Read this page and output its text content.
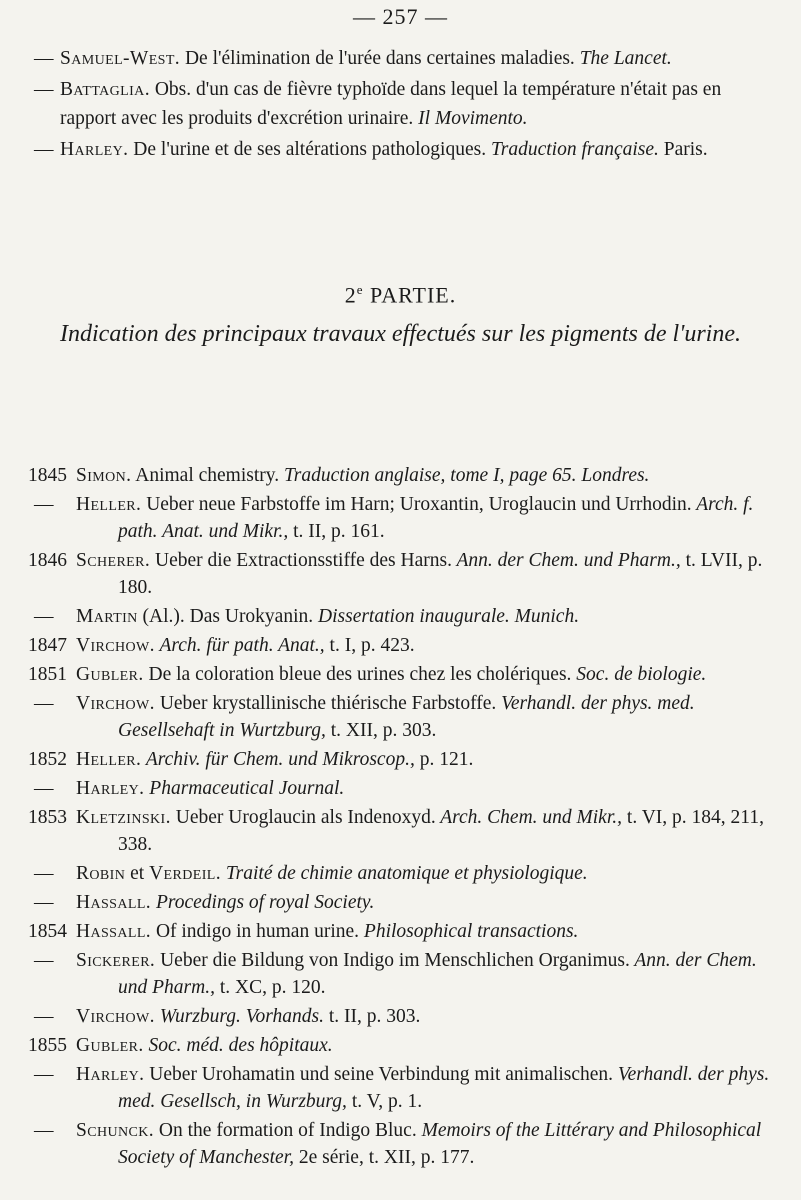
— 257 —
— Samuel-West. De l'élimination de l'urée dans certaines maladies. The Lancet.
— Battaglia. Obs. d'un cas de fièvre typhoïde dans lequel la température n'était pas en rapport avec les produits d'excrétion urinaire. Il Movimento.
— Harley. De l'urine et de ses altérations pathologiques. Traduction française. Paris.
2e PARTIE.
Indication des principaux travaux effectués sur les pigments de l'urine.
1845 Simon. Animal chemistry. Traduction anglaise, tome I, page 65. Londres.
—	Heller. Ueber neue Farbstoffe im Harn; Uroxantin, Uroglaucin und Urrhodin. Arch. f. path. Anat. und Mikr., t. II, p. 161.
1846 Scherer. Ueber die Extractionsstiffe des Harns. Ann. der Chem. und Pharm., t. LVII, p. 180.
—	Martin (Al.). Das Urokyanin. Dissertation inaugurale. Munich.
1847 Virchow. Arch. für path. Anat., t. I, p. 423.
1851 Gubler. De la coloration bleue des urines chez les cholériques. Soc. de biologie.
—	Virchow. Ueber krystallinische thiérische Farbstoffe. Verhandl. der phys. med. Gesellsehaft in Wurtzburg, t. XII, p. 303.
1852 Heller. Archiv. für Chem. und Mikroscop., p. 121.
—	Harley. Pharmaceutical Journal.
1853 Kletzinski. Ueber Uroglaucin als Indenoxyd. Arch. Chem. und Mikr., t. VI, p. 184, 211, 338.
—	Robin et Verdeil. Traité de chimie anatomique et physiologique.
—	Hassall. Procedings of royal Society.
1854 Hassall. Of indigo in human urine. Philosophical transactions.
—	Sickerer. Ueber die Bildung von Indigo im Menschlichen Organimus. Ann. der Chem. und Pharm., t. XC, p. 120.
—	Virchow. Wurzburg. Vorhands. t. II, p. 303.
1855 Gubler. Soc. méd. des hôpitaux.
—	Harley. Ueber Urohamatin und seine Verbindung mit animalischen. Verhandl. der phys. med. Gesellsch, in Wurzburg, t. V, p. 1.
—	Schunck. On the formation of Indigo Bluc. Memoirs of the Littérary and Philosophical Society of Manchester, 2e série, t. XII, p. 177.
